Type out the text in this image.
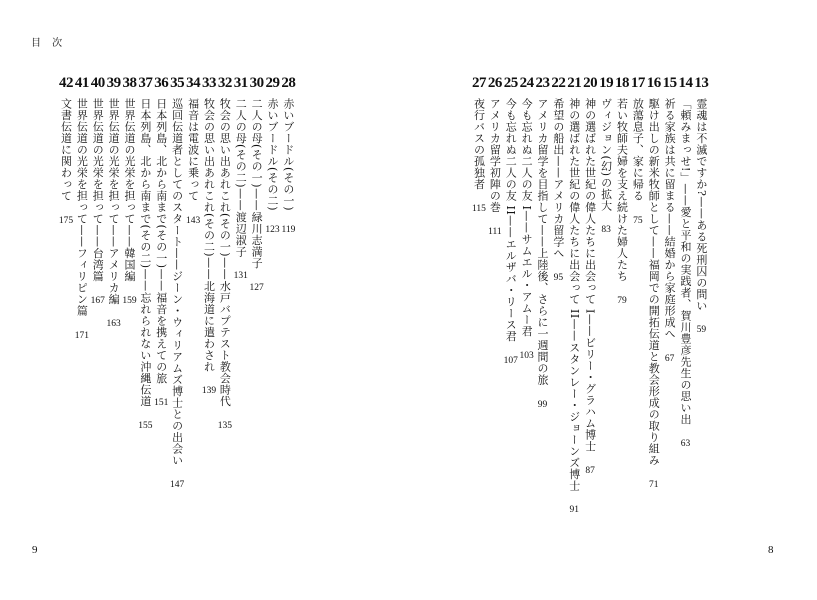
目 次
13
霊魂は不滅ですか?——ある死刑囚の問い
59
14
「頼みまっせ!」——愛と平和の実践者、賀川豊彦先生の思い出
63
15
祈る家族は共に留まる——結婚から家庭形成へ
67
16
駆け出しの新米牧師として——福岡での開拓伝道と教会形成の取り組み
71
17
放蕩息子、家に帰る
75
18
若い牧師夫婦を支え続けた婦人たち
79
19
ヴィジョン(幻)の拡大
83
20
神の選ばれた世紀の偉人たちに出会って I——ビリー・グラハム博士
87
21
神の選ばれた世紀の偉人たちに出会って II——スタンレー・ジョーンズ博士
91
22
希望の船出——アメリカ留学へ
95
23
アメリカ留学を目指して——上陸後、さらに一週間の旅
99
24
今も忘れぬ二人の友 I——サムエル・アムー君
103
25
今も忘れぬ二人の友 II——エルザバ・リース君
107
26
アメリカ留学初陣の巻
111
27
夜行バスの孤独者
115
28
赤いブードル(その一)
119
29
赤いブードル(その二)
123
30
二人の母(その一)——緑川志満子
127
31
二人の母(その二)——渡辺淑子
131
32
牧会の思い出あれこれ(その一)——水戸バプテスト教会時代
135
33
牧会の思い出あれこれ(その二)——北海道に遣わされ
139
34
福音は電波に乗って
143
35
巡回伝道者としてのスタート——ジーン・ウィリアムズ博士との出会い
147
36
日本列島、北から南まで(その一)——福音を携えての旅
151
37
日本列島、北から南まで(その二)——忘れられない沖縄伝道
155
38
世界伝道の光栄を担って——韓国編
159
39
世界伝道の光栄を担って——アメリカ編
163
40
世界伝道の光栄を担って——台湾篇
167
41
世界伝道の光栄を担って——フィリピン篇
171
42
文書伝道に関わって
175
9	8
